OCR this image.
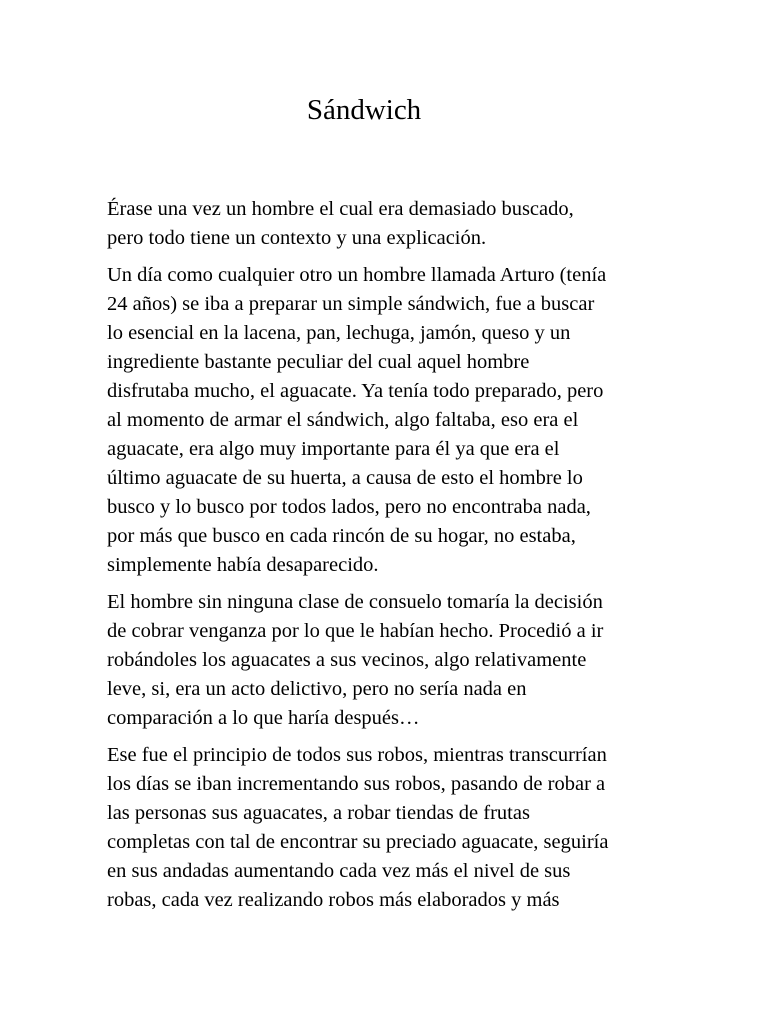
Sándwich

Érase una vez un hombre el cual era demasiado buscado,
pero todo tiene un contexto y una explicación.

Un día como cualquier otro un hombre llamada Arturo (tenía
24 años) se iba a preparar un simple sándwich, fue a buscar
lo esencial en la lacena, pan, lechuga, jamón, queso y un
ingrediente bastante peculiar del cual aquel hombre
disfrutaba mucho, el aguacate. Ya tenía todo preparado, pero
al momento de armar el sándwich, algo faltaba, eso era el
aguacate, era algo muy importante para él ya que era el
último aguacate de su huerta, a causa de esto el hombre lo
busco y lo busco por todos lados, pero no encontraba nada,
por más que busco en cada rincón de su hogar, no estaba,
simplemente había desaparecido.

El hombre sin ninguna clase de consuelo tomaría la decisión
de cobrar venganza por lo que le habían hecho. Procedió a ir
robándoles los aguacates a sus vecinos, algo relativamente
leve, si, era un acto delictivo, pero no sería nada en
comparación a lo que haría después…

Ese fue el principio de todos sus robos, mientras transcurrían
los días se iban incrementando sus robos, pasando de robar a
las personas sus aguacates, a robar tiendas de frutas
completas con tal de encontrar su preciado aguacate, seguiría
en sus andadas aumentando cada vez más el nivel de sus
robas, cada vez realizando robos más elaborados y más
